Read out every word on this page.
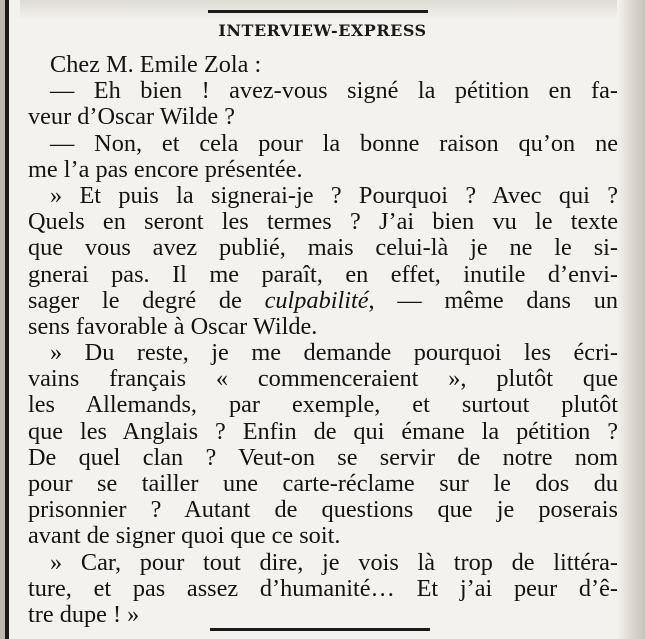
INTERVIEW-EXPRESS
Chez M. Emile Zola :
— Eh bien ! avez-vous signé la pétition en fa-
veur d’Oscar Wilde ?
— Non, et cela pour la bonne raison qu’on ne
me l’a pas encore présentée.
» Et puis la signerai-je ? Pourquoi ? Avec qui ?
Quels en seront les termes ? J’ai bien vu le texte
que vous avez publié, mais celui-là je ne le si-
gnerai pas. Il me paraît, en effet, inutile d’envi-
sager le degré de culpabilité, — même dans un
sens favorable à Oscar Wilde.
» Du reste, je me demande pourquoi les écri-
vains français « commenceraient », plutôt que
les Allemands, par exemple, et surtout plutôt
que les Anglais ? Enfin de qui émane la pétition ?
De quel clan ? Veut-on se servir de notre nom
pour se tailler une carte-réclame sur le dos du
prisonnier ? Autant de questions que je poserais
avant de signer quoi que ce soit.
» Car, pour tout dire, je vois là trop de littéra-
ture, et pas assez d’humanité… Et j’ai peur d’ê-
tre dupe ! »
